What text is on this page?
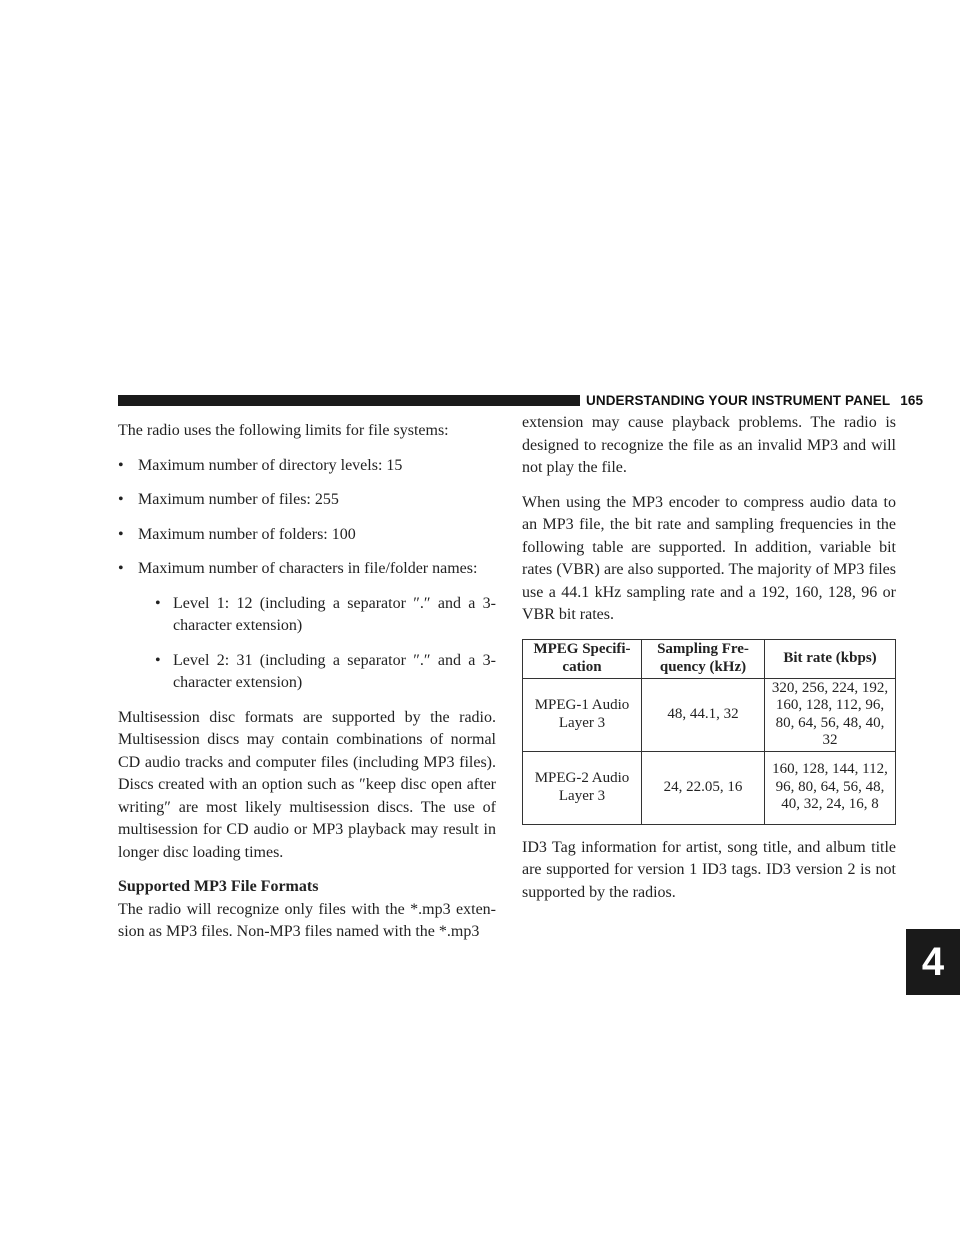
UNDERSTANDING YOUR INSTRUMENT PANEL 165
4

The radio uses the following limits for file systems:

• Maximum number of directory levels: 15
• Maximum number of files: 255
• Maximum number of folders: 100
• Maximum number of characters in file/folder names:
• Level 1: 12 (including a separator ″.″ and a 3-character extension)
• Level 2: 31 (including a separator ″.″ and a 3-character extension)

Multisession disc formats are supported by the radio. Multisession discs may contain combinations of normal CD audio tracks and computer files (including MP3 files). Discs created with an option such as ″keep disc open after writing″ are most likely multisession discs. The use of multisession for CD audio or MP3 playback may result in longer disc loading times.

Supported MP3 File Formats

The radio will recognize only files with the *.mp3 exten- sion as MP3 files. Non-MP3 files named with the *.mp3

extension may cause playback problems. The radio is designed to recognize the file as an invalid MP3 and will not play the file.

When using the MP3 encoder to compress audio data to an MP3 file, the bit rate and sampling frequencies in the following table are supported. In addition, variable bit rates (VBR) are also supported. The majority of MP3 files use a 44.1 kHz sampling rate and a 192, 160, 128, 96 or VBR bit rates.

MPEG Specifi- cation	Sampling Fre- quency (kHz)	Bit rate (kbps)
MPEG-1 Audio Layer 3	48, 44.1, 32	320, 256, 224, 192, 160, 128, 112, 96, 80, 64, 56, 48, 40, 32
MPEG-2 Audio Layer 3	24, 22.05, 16	160, 128, 144, 112, 96, 80, 64, 56, 48, 40, 32, 24, 16, 8

ID3 Tag information for artist, song title, and album title are supported for version 1 ID3 tags. ID3 version 2 is not supported by the radios.
